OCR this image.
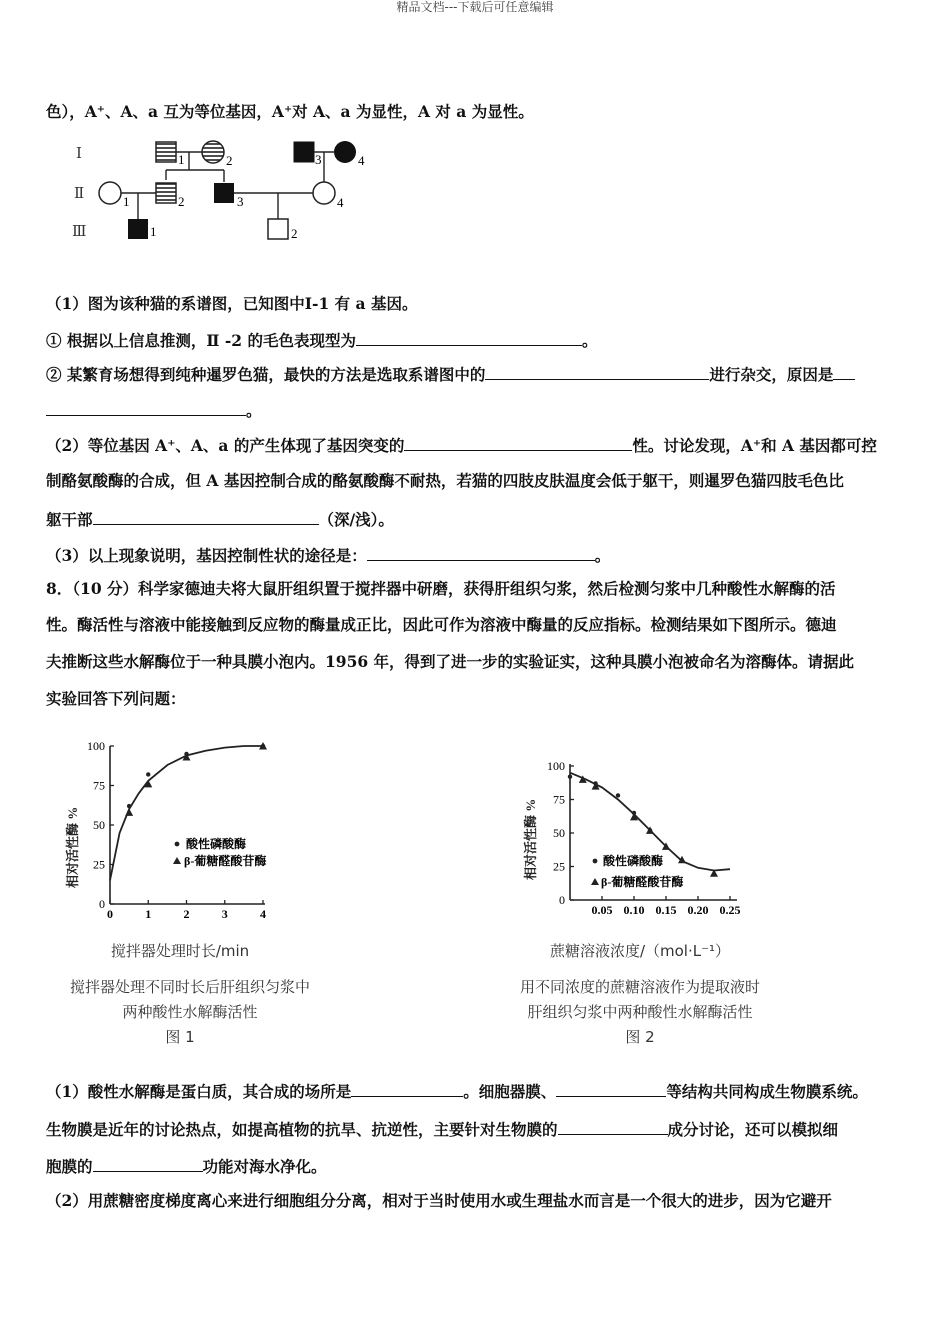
精品文档---下载后可任意编辑
色），A⁺、A、a 互为等位基因，A⁺对 A、a 为显性，A 对 a 为显性。
Ⅰ
Ⅱ
Ⅲ
1	2	3	4
1	2	3	4
1	2
（1）图为该种猫的系谱图，已知图中Ⅰ-1 有 a 基因。
① 根据以上信息推测，Ⅱ -2 的毛色表现型为	。
② 某繁育场想得到纯种暹罗色猫，最快的方法是选取系谱图中的	进行杂交，原因是
。
（2）等位基因 A⁺、A、a 的产生体现了基因突变的	性。讨论发现，A⁺和 A 基因都可控
制酪氨酸酶的合成，但 A 基因控制合成的酪氨酸酶不耐热，若猫的四肢皮肤温度会低于躯干，则暹罗色猫四肢毛色比
躯干部	（深/浅）。
（3）以上现象说明，基因控制性状的途径是：	。
8．（10 分）科学家德迪夫将大鼠肝组织置于搅拌器中研磨，获得肝组织匀浆，然后检测匀浆中几种酸性水解酶的活
性。酶活性与溶液中能接触到反应物的酶量成正比，因此可作为溶液中酶量的反应指标。检测结果如下图所示。德迪
夫推断这些水解酶位于一种具膜小泡内。1956 年，得到了进一步的实验证实，这种具膜小泡被命名为溶酶体。请据此
实验回答下列问题：
相对活性酶 %
0
25
50
75
100
0	1	2	3	4
酸性磷酸酶
β-葡糖醛酸苷酶
搅拌器处理时长/min
搅拌器处理不同时长后肝组织匀浆中
两种酸性水解酶活性
图 1
相对活性酶 %
0
25
50
75
100
0.05 0.10 0.15 0.20 0.25
酸性磷酸酶
β-葡糖醛酸苷酶
蔗糖溶液浓度/（mol·L⁻¹）
用不同浓度的蔗糖溶液作为提取液时
肝组织匀浆中两种酸性水解酶活性
图 2
（1）酸性水解酶是蛋白质，其合成的场所是	。细胞器膜、	等结构共同构成生物膜系统。
生物膜是近年的讨论热点，如提高植物的抗旱、抗逆性，主要针对生物膜的	成分讨论，还可以模拟细
胞膜的	功能对海水净化。
（2）用蔗糖密度梯度离心来进行细胞组分分离，相对于当时使用水或生理盐水而言是一个很大的进步，因为它避开
